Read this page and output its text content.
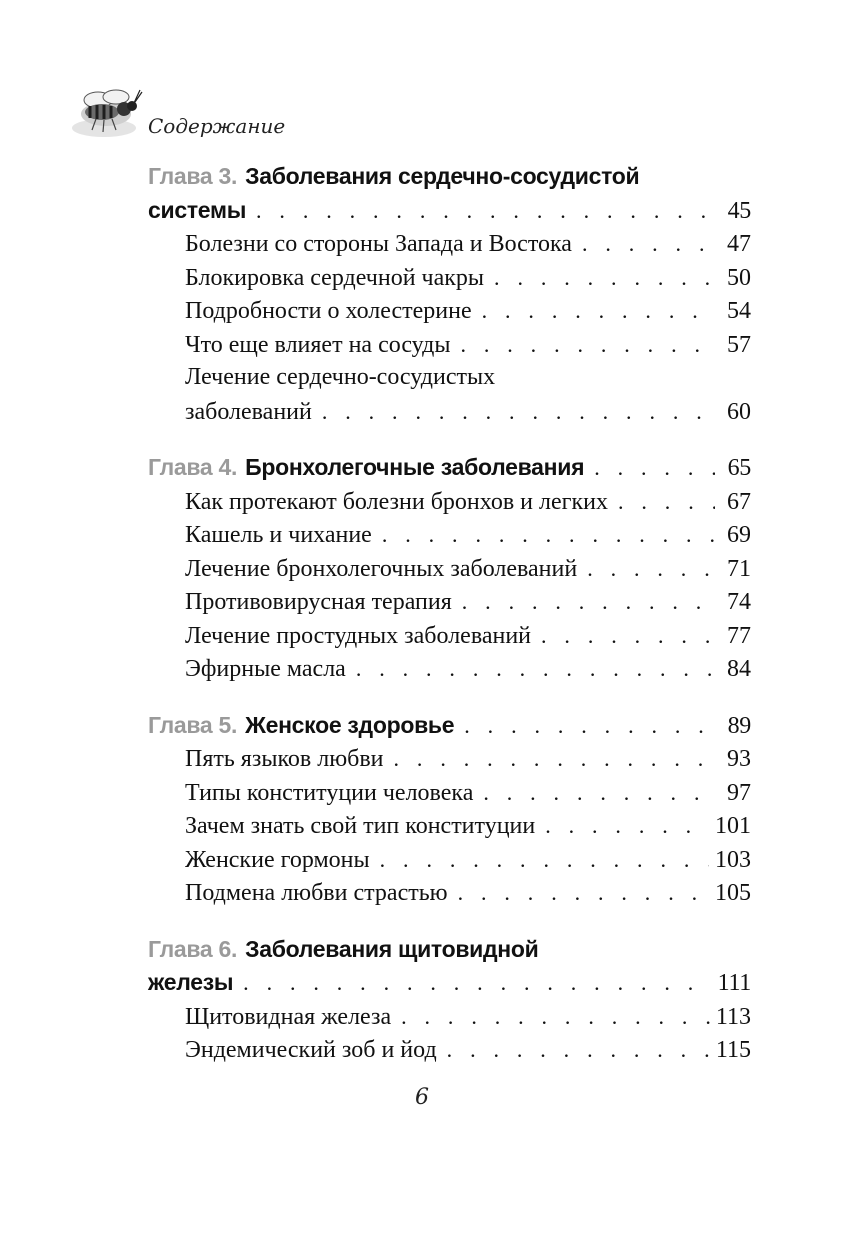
Содержание
Глава 3. Заболевания сердечно-сосудистой
системы . . .	45
Болезни со стороны Запада и Востока . . .	47
Блокировка сердечной чакры . . .	50
Подробности о холестерине . . .	54
Что еще влияет на сосуды . . .	57
Лечение сердечно-сосудистых
заболеваний . . .	60
Глава 4. Бронхолегочные заболевания . . .	65
Как протекают болезни бронхов и легких . . .	67
Кашель и чихание . . .	69
Лечение бронхолегочных заболеваний . . .	71
Противовирусная терапия . . .	74
Лечение простудных заболеваний . . .	77
Эфирные масла . . .	84
Глава 5. Женское здоровье . . .	89
Пять языков любви . . .	93
Типы конституции человека . . .	97
Зачем знать свой тип конституции . . .	101
Женские гормоны . . .	103
Подмена любви страстью . . .	105
Глава 6. Заболевания щитовидной
железы . . .	111
Щитовидная железа . . .	113
Эндемический зоб и йод . . .	115
6
